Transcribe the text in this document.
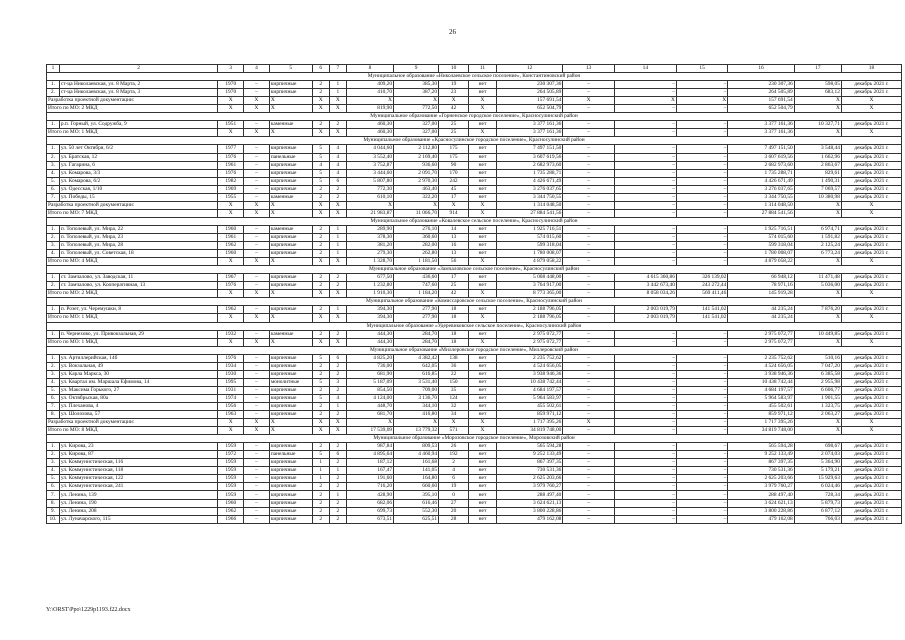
26
1	2	3	4	5	6	7	8	9	10	11	12	13	14	15	16	17	18
Муниципальное образование «Николаевское сельское поселение», Константиновский район																	
1.	ст-ца Николаевская, ул. 8 Марта, 2	1970	–	кирпичные	2	1	409,20	385,30	19	нет	230 307,36	–	–	–	230 307,36	598,05	декабрь 2021 г.
2.	ст-ца Николаевская, ул. 8 Марта, 3	1970	–	кирпичные	2	1	410,70	387,20	23	нет	264 505,89	–	–	–	264 505,89	683,12	декабрь 2021 г.
Разработка проектной документации:		X	X	X	X	X	X	X	X	X	157 691,54	X	X	X	157 691,54	X	X
Итого по МО: 2 МКД		X	X	X	X	X	819,90	772,50	42	X	652 504,79	–	–	–	652 504,79	X	X
Муниципальное образование «Горненское городское поселение», Красносулинский район																	
1.	р.п. Горный, ул. Содружба, 9	1951	–	каменные	2	2	460,30	327,00	25	нет	3 377 161,36	–	–	–	3 377 161,36	10 327,71	декабрь 2021 г.
Итого по МО: 1 МКД		X	X	X	X	X	460,30	327,00	25	X	3 377 161,36	–	–	–	3 377 161,36	X	X
Муниципальное образование «Красносулинское городское поселение», Красносулинский район																	
1.	ул. 50 лет Октября, 6/2	1977	–	кирпичные	5	4	4 044,60	2 112,80	175	нет	7 497 151,50	–	–	–	7 497 151,50	3 548,44	декабрь 2021 г.
2.	ул. Братская, 12	1976	–	панельные	5	4	3 552,40	2 169,40	175	нет	3 607 619,56	–	–	–	3 607 619,56	1 662,96	декабрь 2021 г.
3.	ул. Гагарина, 6	1961	–	кирпичные	4	4	3 752,87	936,60	90	нет	2 682 973,60	–	–	–	2 682 973,60	2 863,67	декабрь 2021 г.
4.	ул. Комарова, 3/3	1976	–	кирпичные	5	4	3 444,60	2 091,70	170	нет	1 735 288,71	–	–	–	1 735 288,71	829,61	декабрь 2021 г.
5.	ул. Комарова, 6/2	1982	–	кирпичные	5	6	5 807,80	2 970,30	242	нет	4 426 671,49	–	–	–	4 426 671,49	1 490,31	декабрь 2021 г.
6.	ул. Одесская, 1/10	1969	–	кирпичные	2	2	772,30	463,40	45	нет	3 276 037,65	–	–	–	3 276 037,65	7 069,57	декабрь 2021 г.
7.	ул. Победы, 15	1955	–	каменные	2	2	610,10	322,20	17	нет	3 344 750,55	–	–	–	3 344 750,55	10 380,98	декабрь 2021 г.
Разработка проектной документации:		X	X	X	X	X	X	X	X	X	1 314 048,50	–	–	–	1 314 048,50	X	X
Итого по МО: 7 МКД		X	X	X	X	X	21 983,87	11 066,70	914	X	27 884 541,56	–	–	–	27 884 541,56	X	X
Муниципальное образование «Ковалевское сельское поселение», Красносулинский район																	
1.	п. Тополевый, ул. Мира, 22	1960	–	каменные	2	1	289,90	276,10	14	нет	1 925 716,51	–	–	–	1 925 716,51	6 974,71	декабрь 2021 г.
2.	п. Тополевый, ул. Мира, 23	1961	–	кирпичные	2	1	378,30	360,60	13	нет	574 015,60	–	–	–	574 015,60	1 591,82	декабрь 2021 г.
3.	п. Тополевый, ул. Мира, 28	1962	–	кирпичные	2	1	381,20	282,00	16	нет	599 318,04	–	–	–	599 318,04	2 125,24	декабрь 2021 г.
4.	п. Тополевый, ул. Советская, 18	1960	–	кирпичные	2	1	279,30	262,80	13	нет	1 780 008,07	–	–	–	1 780 008,07	6 773,24	декабрь 2021 г.
Итого по МО: 4 МКД		X	X	X	X	X	1 328,70	1 181,50	56	X	4 879 058,22	–	–	–	4 879 058,22	X	X
Муниципальное образование «Замчаловское сельское поселение», Красносулинский район																	
1.	ст. Замчалово, ул. Заводская, 11	1967	–	кирпичные	2	2	677,50	436,60	17	нет	5 008 448,00	–	4 615 360,86	326 139,02	66 948,12	11 471,48	декабрь 2021 г.
2.	ст. Замчалово, ул. Кооперативная, 13	1976	–	кирпичные	2	2	1 232,80	747,60	25	нет	3 764 917,00	–	3 442 673,40	243 272,44	78 971,16	5 036,00	декабрь 2021 г.
Итого по МО: 2 МКД		X	X	X	X	X	1 910,30	1 184,20	42	X	8 773 365,00	–	8 058 034,26	569 411,46	145 919,28	X	X
Муниципальное образование «Комиссаровское сельское поселение», Красносулинский район																	
1.	п. Розет, ул. Черемушки, 8	1962	–	кирпичные	2	1	394,30	277,90	18	нет	2 188 796,05	–	2 003 019,79	141 541,02	44 235,24	7 876,20	декабрь 2021 г.
Итого по МО: 1 МКД		X	X	X	X	X	394,30	277,90	18	X	2 188 796,05	–	2 003 019,79	141 541,02	44 235,24	X	X
Муниципальное образование «Удеревиковское сельское поселение», Красносулинский район																	
1.	п. Чернехово, ул. Привокзальная, 29	1932	–	каменные	2	2	444,30	284,70	18	нет	2 975 072,77	–	–	–	2 975 072,77	10 449,85	декабрь 2021 г.
Итого по МО: 1 МКД		X	X	X	X	X	444,30	284,70	18	X	2 975 072,77	–	–	–	2 975 072,77	X	X
Муниципальное образование «Миллеровское городское поселение», Миллеровский район																	
1.	ул. Артиллерийская, 14б	1976	–	кирпичные	5	6	4 825,20	4 382,42	138	нет	2 235 752,62	–	–	–	2 235 752,62	510,16	декабрь 2021 г.
2.	ул. Вокзальная, 49	1934	–	кирпичные	2	2	736,00	642,05	36	нет	4 524 656,05	–	–	–	4 524 656,05	7 047,20	декабрь 2021 г.
3.	ул. Карла Маркса, 30	1930	–	кирпичные	2	2	681,90	616,85	22	нет	3 938 946,36	–	–	–	3 938 946,36	6 385,58	декабрь 2021 г.
4.	ул. Квартал им. Маршала Ефимова, 14	1995	–	монолитные	5	3	5 187,09	3 531,40	150	нет	10 438 742,44	–	–	–	10 438 742,44	2 955,98	декабрь 2021 г.
5.	ул. Максима Горького, 27	1931	–	кирпичные	2	2	854,50	709,00	35	нет	4 684 197,57	–	–	–	4 684 197,57	6 606,77	декабрь 2021 г.
6.	ул. Октябрьская, 80а	1974	–	кирпичные	5	4	4 124,00	3 136,70	124	нет	5 964 583,97	–	–	–	5 964 583,97	1 901,55	декабрь 2021 г.
7.	ул. Плеханова, 4	1956	–	кирпичные	2	1	448,70	344,10	32	нет	455 502,61	–	–	–	455 502,61	1 323,75	декабрь 2021 г.
8.	ул. Шолохова, 57	1963	–	кирпичные	2	2	681,70	416,80	34	нет	859 971,12	–	–	–	859 971,12	2 063,27	декабрь 2021 г.
Разработка проектной документации:		X	X	X	X	X	X	X	X	X	1 717 395,26	X	–	–	1 717 395,26	X	X
Итого по МО: 8 МКД		X	X	X	X	X	17 539,09	13 779,32	571	X	34 819 748,00	–	–	–	34 819 748,00	X	X
Муниципальное образование «Морозовское городское поселение», Морозовский район																	
1.	ул. Кирова, 23	1959	–	кирпичные	2	2	987,84	809,53	26	нет	565 594,28	–	–	–	565 594,28	698,67	декабрь 2021 г.
2.	ул. Кирова, 87	1972	–	панельные	5	6	4 895,64	4 460,94	192	нет	9 252 133,49	–	–	–	9 252 133,49	2 074,03	декабрь 2021 г.
3.	ул. Коммунистическая, 116	1959	–	кирпичные	1	2	187,12	161,68	2	нет	867 397,35	–	–	–	867 397,35	5 364,90	декабрь 2021 г.
4.	ул. Коммунистическая, 118	1959	–	кирпичные	1	1	167,47	141,05	4	нет	730 531,36	–	–	–	730 531,36	5 179,21	декабрь 2021 г.
5.	ул. Коммунистическая, 122	1959	–	кирпичные	1	2	191,60	164,80	6	нет	2 625 203,66	–	–	–	2 625 203,66	15 929,63	декабрь 2021 г.
6.	ул. Коммунистическая, 241	1959	–	кирпичные	2	2	716,20	660,60	19	нет	3 979 760,27	–	–	–	3 979 760,27	6 024,46	декабрь 2021 г.
7.	ул. Ленина, 139	1959	–	кирпичные	2	1	428,90	395,10	0	нет	288 497,40	–	–	–	288 497,40	728,34	декабрь 2021 г.
8.	ул. Ленина, 190	1960	–	кирпичные	2	2	682,06	616,46	27	нет	3 624 621,13	–	–	–	3 624 621,13	5 879,73	декабрь 2021 г.
9.	ул. Ленина, 208	1962	–	кирпичные	2	2	699,73	552,30	20	нет	3 800 228,86	–	–	–	3 800 228,86	6 877,12	декабрь 2021 г.
10.	ул. Луначарского, 115	1966	–	кирпичные	2	2	673,51	625,51	28	нет	479 162,08	–	–	–	479 162,08	766,03	декабрь 2021 г.
Y:\ORST\Ppo\1229p1193.f22.docx
